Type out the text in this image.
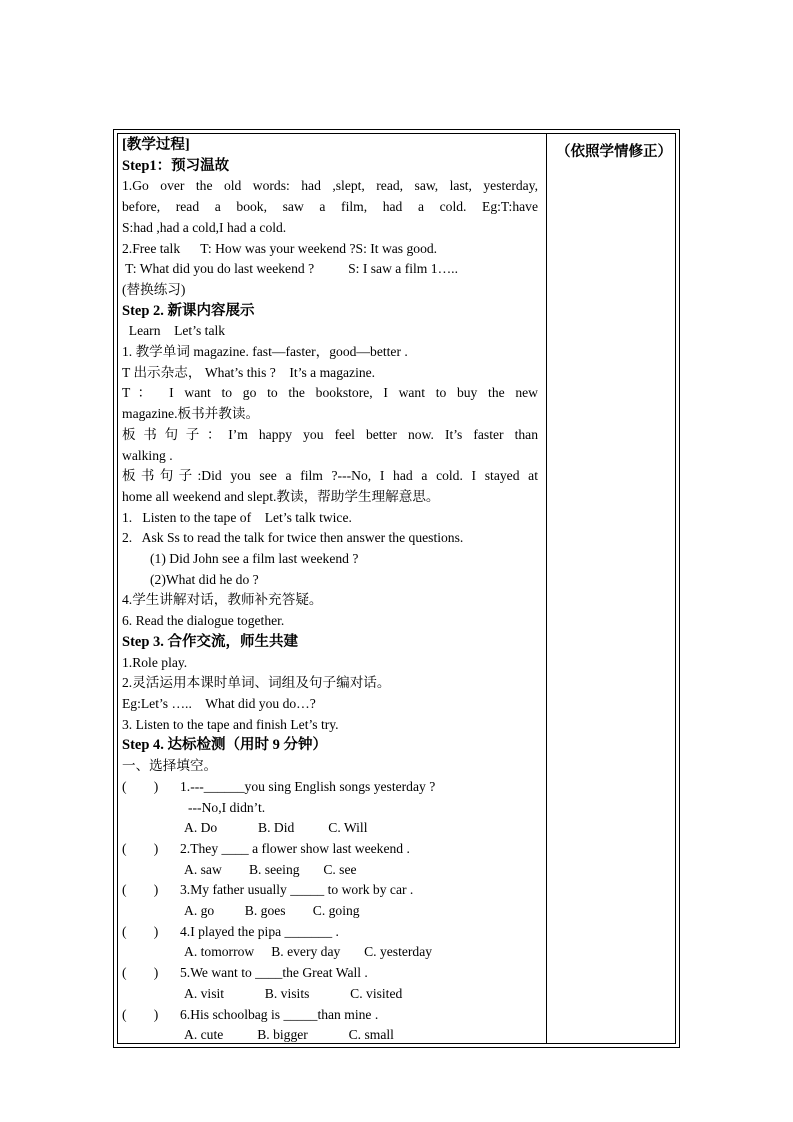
[教学过程]
Step1：预习温故
1.Go over the old words: had ,slept, read, saw, last, yesterday,
before, read a book, saw a film, had a cold. Eg:T:have
S:had ,had a cold,I had a cold.
2.Free talk      T: How was your weekend ?S: It was good.
T: What did you do last weekend ?          S: I saw a film 1…..
(替换练习)
Step 2. 新课内容展示
Learn    Let’s talk
1. 教学单词 magazine. fast—faster，good—better .
T 出示杂志， What’s this ?    It’s a magazine.
T： I want to go to the bookstore, I want to buy the new
magazine.板书并教读。
板书句子：I’m happy you feel better now. It’s faster than
walking .
板书句子:Did you see a film ?---No, I had a cold. I stayed at
home all weekend and slept.教读，帮助学生理解意思。
1.   Listen to the tape of    Let’s talk twice.
2.   Ask Ss to read the talk for twice then answer the questions.
(1) Did John see a film last weekend ?
(2)What did he do ?
4.学生讲解对话，教师补充答疑。
6. Read the dialogue together.
Step 3. 合作交流，师生共建
1.Role play.
2.灵活运用本课时单词、词组及句子编对话。
Eg:Let’s …..    What did you do…?
3. Listen to the tape and finish Let’s try.
Step 4. 达标检测（用时 9 分钟）
一、选择填空。
(        ) 1.---______you sing English songs yesterday ?
---No,I didn’t.
A. Do            B. Did          C. Will
(        ) 2.They ____ a flower show last weekend .
A. saw        B. seeing       C. see
(        ) 3.My father usually _____ to work by car .
A. go         B. goes        C. going
(        ) 4.I played the pipa _______ .
A. tomorrow     B. every day       C. yesterday
(        ) 5.We want to ____the Great Wall .
A. visit            B. visits            C. visited
(        ) 6.His schoolbag is _____than mine .
A. cute          B. bigger            C. small
（依照学情修正）
